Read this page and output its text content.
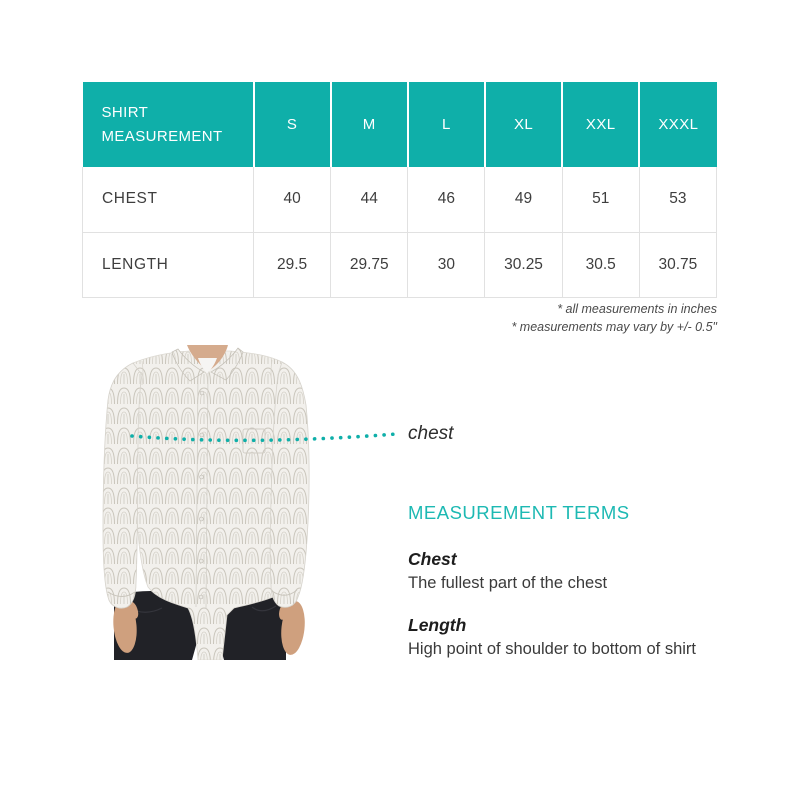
SHIRT MEASUREMENT	S	M	L	XL	XXL	XXXL
CHEST	40	44	46	49	51	53
LENGTH	29.5	29.75	30	30.25	30.5	30.75
* all measurements in inches
* measurements may vary by +/- 0.5"
chest
MEASUREMENT TERMS

Chest

The fullest part of the chest

Length

High point of shoulder to bottom of shirt
